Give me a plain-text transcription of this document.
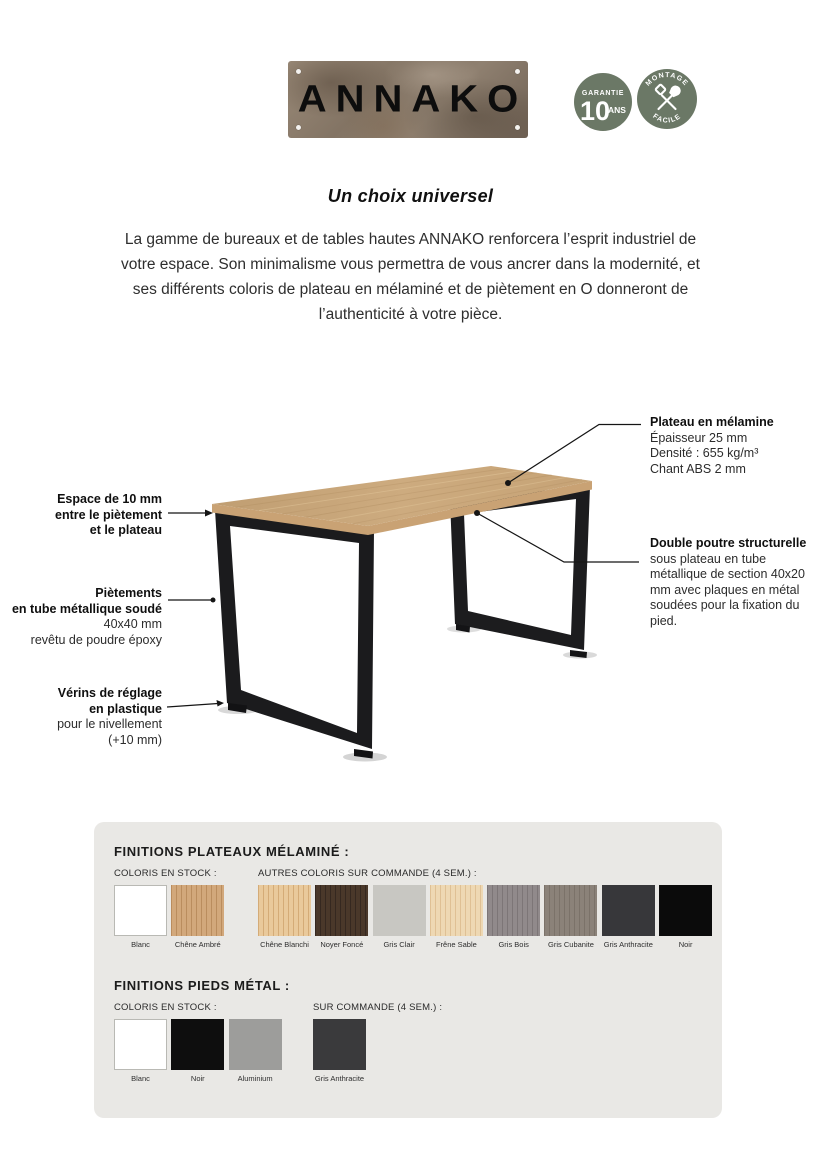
ANNAKO	GARANTIE
10
ANS
MONTAGE
FACILE
Un choix universel
La gamme de bureaux et de tables hautes ANNAKO renforcera l’esprit industriel de votre espace. Son minimalisme vous permettra de vous ancrer dans la modernité, et ses différents coloris de plateau en mélaminé et de piètement en O donneront de l’authenticité à votre pièce.
Plateau en mélamine
Épaisseur 25 mm
Densité : 655 kg/m³
Chant ABS 2 mm
Double poutre structurelle
sous plateau en tube métallique de section 40x20 mm avec plaques en métal soudées pour la fixation du pied.
Espace de 10 mm
entre le piètement
et le plateau
Piètements
en tube métallique soudé
40x40 mm
revêtu de poudre époxy
Vérins de réglage
en plastique
pour le nivellement
(+10 mm)
FINITIONS PLATEAUX MÉLAMINÉ :
COLORIS EN STOCK :
Blanc	Chêne Ambré
AUTRES COLORIS SUR COMMANDE (4 SEM.) :
Chêne Blanchi	Noyer Foncé	Gris Clair	Frêne Sable	Gris Bois	Gris Cubanite	Gris Anthracite	Noir
FINITIONS PIEDS MÉTAL :
COLORIS EN STOCK :
Blanc	Noir	Aluminium
SUR COMMANDE (4 SEM.) :
Gris Anthracite
